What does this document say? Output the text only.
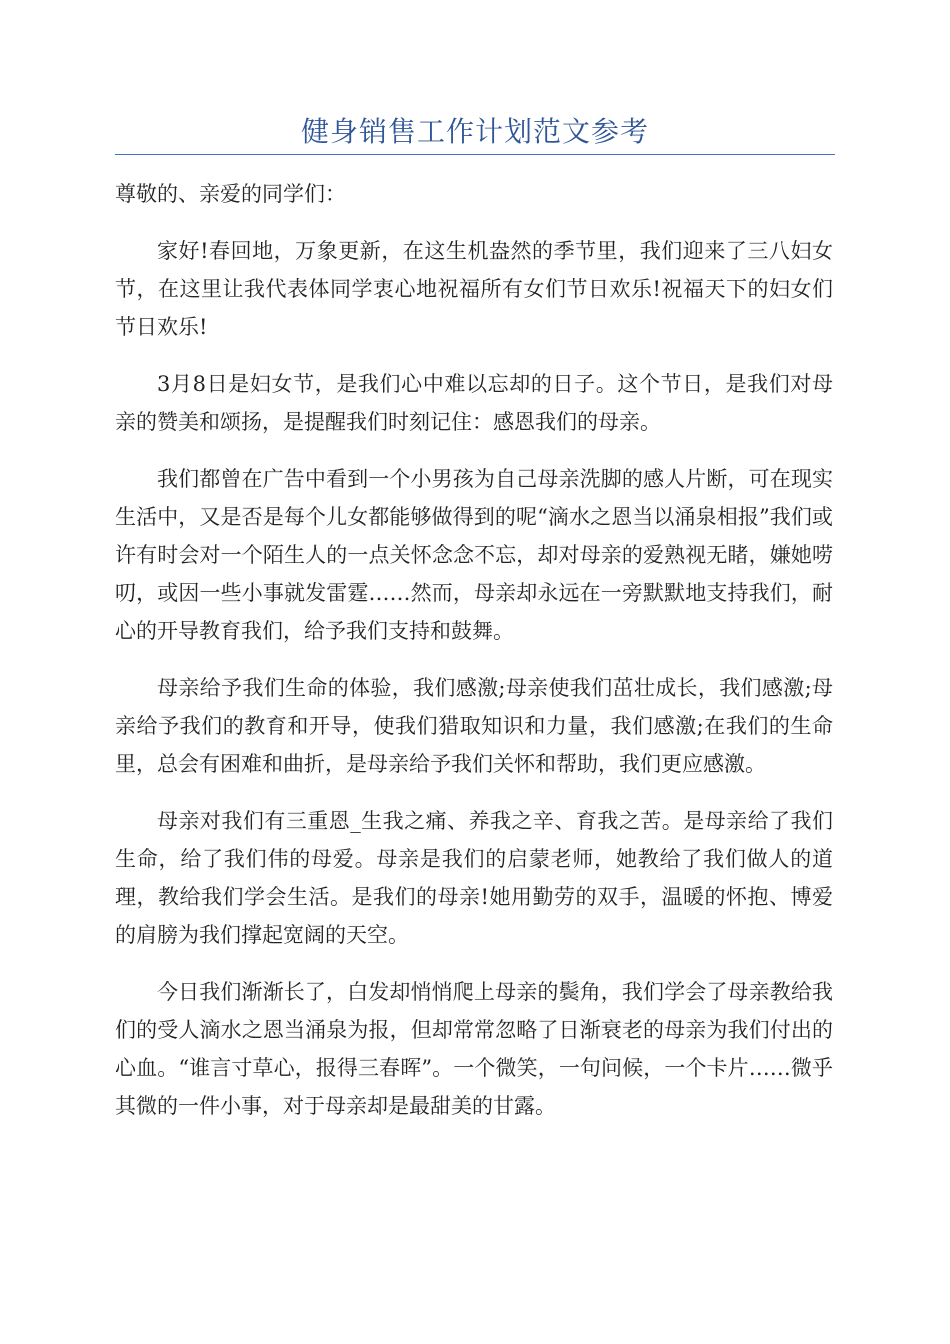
健身销售工作计划范文参考

尊敬的、亲爱的同学们：

家好!春回地，万象更新，在这生机盎然的季节里，我们迎来了三八妇女节，在这里让我代表体同学衷心地祝福所有女们节日欢乐!祝福天下的妇女们节日欢乐!

3月8日是妇女节，是我们心中难以忘却的日子。这个节日，是我们对母亲的赞美和颂扬，是提醒我们时刻记住：感恩我们的母亲。

我们都曾在广告中看到一个小男孩为自己母亲洗脚的感人片断，可在现实生活中，又是否是每个儿女都能够做得到的呢“滴水之恩当以涌泉相报”我们或许有时会对一个陌生人的一点关怀念念不忘，却对母亲的爱熟视无睹，嫌她唠叨，或因一些小事就发雷霆……然而，母亲却永远在一旁默默地支持我们，耐心的开导教育我们，给予我们支持和鼓舞。

母亲给予我们生命的体验，我们感激;母亲使我们茁壮成长，我们感激;母亲给予我们的教育和开导，使我们猎取知识和力量，我们感激;在我们的生命里，总会有困难和曲折，是母亲给予我们关怀和帮助，我们更应感激。

母亲对我们有三重恩_生我之痛、养我之辛、育我之苦。是母亲给了我们生命，给了我们伟的母爱。母亲是我们的启蒙老师，她教给了我们做人的道理，教给我们学会生活。是我们的母亲!她用勤劳的双手，温暖的怀抱、博爱的肩膀为我们撑起宽阔的天空。

今日我们渐渐长了，白发却悄悄爬上母亲的鬓角，我们学会了母亲教给我们的受人滴水之恩当涌泉为报，但却常常忽略了日渐衰老的母亲为我们付出的心血。“谁言寸草心，报得三春晖”。一个微笑，一句问候，一个卡片……微乎其微的一件小事，对于母亲却是最甜美的甘露。
